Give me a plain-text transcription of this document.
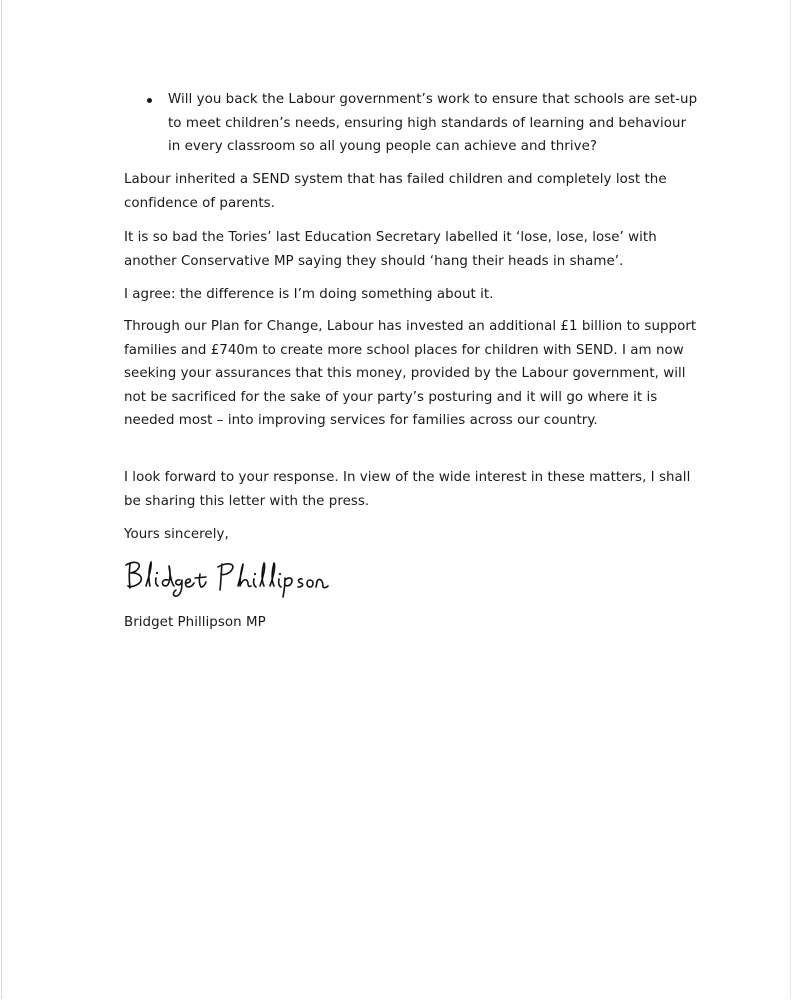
Will you back the Labour government’s work to ensure that schools are set-up to meet children’s needs, ensuring high standards of learning and behaviour in every classroom so all young people can achieve and thrive?

Labour inherited a SEND system that has failed children and completely lost the confidence of parents.

It is so bad the Tories’ last Education Secretary labelled it ‘lose, lose, lose’ with another Conservative MP saying they should ‘hang their heads in shame’.

I agree: the difference is I’m doing something about it.

Through our Plan for Change, Labour has invested an additional £1 billion to support families and £740m to create more school places for children with SEND. I am now seeking your assurances that this money, provided by the Labour government, will not be sacrificed for the sake of your party’s posturing and it will go where it is needed most – into improving services for families across our country.

I look forward to your response. In view of the wide interest in these matters, I shall be sharing this letter with the press.

Yours sincerely,

Bridget Phillipson MP
